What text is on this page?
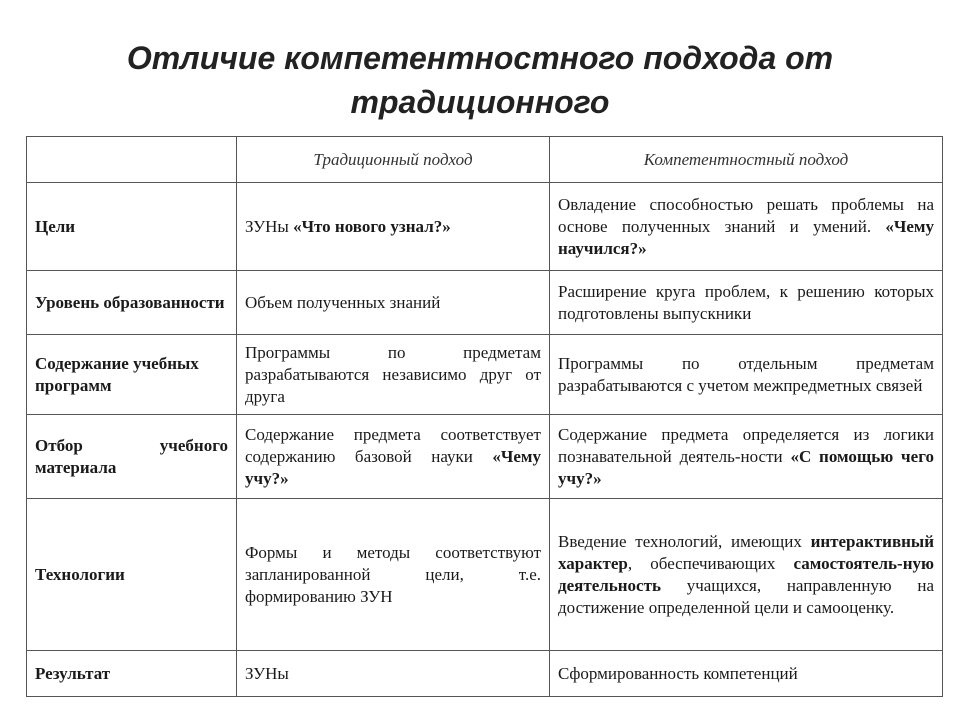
Отличие компетентностного подхода от
традиционного
	Традиционный подход	Компетентностный подход
Цели	ЗУНы «Что нового узнал?»	Овладение способностью решать проблемы на основе полученных знаний и умений. «Чему научился?»
Уровень образованности	Объем полученных знаний	Расширение круга проблем, к решению которых подготовлены выпускники
Содержание учебных программ	Программы по предметам разрабатываются независимо друг от друга	Программы по отдельным предметам разрабатываются с учетом межпредметных связей
Отбор учебного материала	Содержание предмета соответствует содержанию базовой науки «Чему учу?»	Содержание предмета определяется из логики познавательной деятель-ности «С помощью чего учу?»
Технологии	Формы и методы соответствуют запланированной цели, т.е. формированию ЗУН	Введение технологий, имеющих интерактивный характер, обеспечивающих самостоятель-ную деятельность учащихся, направленную на достижение определенной цели и самооценку.
Результат	ЗУНы	Сформированность компетенций
